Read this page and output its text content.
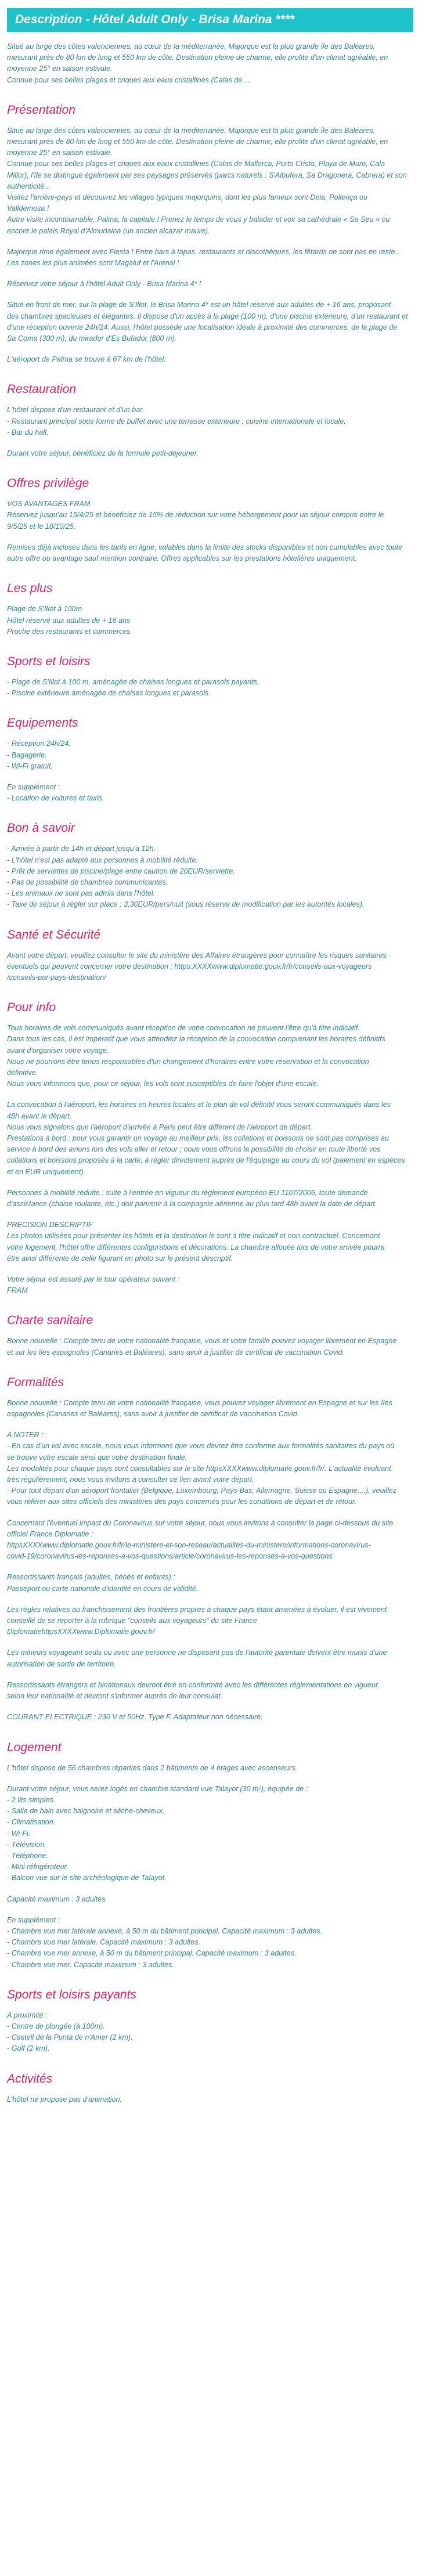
Description - Hôtel Adult Only - Brisa Marina ****

Situé au large des côtes valenciennes, au cœur de la méditerranée, Majorque est la plus grande île des Baléares,

mesurant près de 80 km de long et 550 km de côte. Destination pleine de charme, elle profite d'un climat agréable, en

moyenne 25° en saison estivale.

Connue pour ses belles plages et criques aux eaux cristallines (Calas de ...

Présentation

Situé au large des côtes valenciennes, au cœur de la méditerranée, Majorque est la plus grande île des Baléares,

mesurant près de 80 km de long et 550 km de côte. Destination pleine de charme, elle profite d'un climat agréable, en

moyenne 25° en saison estivale.

Connue pour ses belles plages et criques aux eaux cristallines (Calas de Mallorca, Porto Cristo, Playa de Muro, Cala

Millor), l'île se distingue également par ses paysages préservés (parcs naturels : S'Albufera, Sa Dragonera, Cabrera) et son

authenticité...

Visitez l'arrière-pays et découvrez les villages typiques majorquins, dont les plus fameux sont Deia, Pollença ou

Valldemosa !

Autre visite incontournable, Palma, la capitale ! Prenez le temps de vous y balader et voir sa cathédrale « Sa Seu » ou

encore le palais Royal d'Almudaina (un ancien alcazar maure).

Majorque rime également avec Fiesta ! Entre bars à tapas, restaurants et discothèques, les fêtards ne sont pas en reste...

Les zones les plus animées sont Magaluf et l'Arenal !

Réservez votre séjour à l'hôtel Adult Only - Brisa Marina 4* !

Situé en front de mer, sur la plage de S'Illot, le Brisa Marina 4* est un hôtel réservé aux adultes de + 16 ans, proposant

des chambres spacieuses et élégantes. Il dispose d'un accès à la plage (100 m), d'une piscine extérieure, d'un restaurant et

d'une réception ouverte 24h/24. Aussi, l'hôtel possède une localisation idéale à proximité des commerces, de la plage de

Sa Coma (300 m), du mirador d'Es Bufador (800 m).

L'aéroport de Palma se trouve à 67 km de l'hôtel.

Restauration

L'hôtel dispose d'un restaurant et d'un bar.

- Restaurant principal sous forme de buffet avec une terrasse extérieure : cuisine internationale et locale.

- Bar du hall.

Durant votre séjour, bénéficiez de la formule petit-déjeuner.

Offres privilège

VOS AVANTAGES FRAM

Réservez jusqu'au 15/4/25 et bénéficiez de 15% de réduction sur votre hébergement pour un séjour compris entre le

9/5/25 et le 18/10/25.

Remises déjà incluses dans les tarifs en ligne, valables dans la limite des stocks disponibles et non cumulables avec toute

autre offre ou avantage sauf mention contraire. Offres applicables sur les prestations hôtelières uniquement.

Les plus

Plage de S'Illot à 100m

Hôtel réservé aux adultes de + 16 ans

Proche des restaurants et commerces

Sports et loisirs

- Plage de S'Illot à 100 m, aménagée de chaises longues et parasols payants.

- Piscine extérieure aménagée de chaises longues et parasols.

Equipements

- Réception 24h/24.

- Bagagerie.

- Wi-Fi gratuit.

En supplément :

- Location de voitures et taxis.

Bon à savoir

- Arrivée à partir de 14h et départ jusqu'à 12h.

- L'hôtel n'est pas adapté aux personnes à mobilité réduite.

- Prêt de serviettes de piscine/plage entre caution de 20EUR/serviette.

- Pas de possibilité de chambres communicantes.

- Les animaux ne sont pas admis dans l'hôtel.

- Taxe de séjour à régler sur place : 3,30EUR/pers/nuit (sous réserve de modification par les autorités locales).

Santé et Sécurité

Avant votre départ, veuillez consulter le site du ministère des Affaires étrangères pour connaître les risques sanitaires

éventuels qui peuvent concerner votre destination : https:XXXXwww.diplomatie.gouv.fr/fr/conseils-aux-voyageurs

/conseils-par-pays-destination/

Pour info

Tous horaires de vols communiqués avant réception de votre convocation ne peuvent l'être qu'à titre indicatif.

Dans tous les cas, il est impératif que vous attendiez la réception de la convocation comprenant les horaires définitifs

avant d'organiser votre voyage.

Nous ne pourrons être tenus responsables d'un changement d'horaires entre votre réservation et la convocation

définitive.

Nous vous informons que, pour ce séjour, les vols sont susceptibles de faire l'objet d'une escale.

La convocation à l'aéroport, les horaires en heures locales et le plan de vol définitif vous seront communiqués dans les

48h avant le départ.

Nous vous signalons que l'aéroport d'arrivée à Paris peut être différent de l'aéroport de départ.

Prestations à bord : pour vous garantir un voyage au meilleur prix, les collations et boissons ne sont pas comprises au

service à bord des avions lors des vols aller et retour ; nous vous offrons la possibilité de choisir en toute liberté vos

collations et boissons proposés à la carte, à régler directement auprès de l'équipage au cours du vol (paiement en espèces

et en EUR uniquement).

Personnes à mobilité réduite : suite à l'entrée en vigueur du règlement européen EU 1107/2006, toute demande

d'assistance (chaise roulante, etc.) doit parvenir à la compagnie aérienne au plus tard 48h avant la date de départ.

PRECISION DESCRIPTIF

Les photos utilisées pour présenter les hôtels et la destination le sont à titre indicatif et non-contractuel. Concernant

votre logement, l'hôtel offre différentes configurations et décorations. La chambre allouée lors de votre arrivée pourra

être ainsi différente de celle figurant en photo sur le présent descriptif.

Votre séjour est assuré par le tour opérateur suivant :

FRAM

Charte sanitaire

Bonne nouvelle : Compte tenu de votre nationalité française, vous et votre famille pouvez voyager librement en Espagne

et sur les îles espagnoles (Canaries et Baléares), sans avoir à justifier de certificat de vaccination Covid.

Formalités

Bonne nouvelle : Compte tenu de votre nationalité française, vous pouvez voyager librement en Espagne et sur les îles

espagnoles (Canaries et Baléares), sans avoir à justifier de certificat de vaccination Covid.

A NOTER :

- En cas d'un vol avec escale, nous vous informons que vous devrez être conforme aux formalités sanitaires du pays où

se trouve votre escale ainsi que votre destination finale.

Les modalités pour chaque pays sont consultables sur le site httpsXXXXwww.diplomatie.gouv.fr/fr/. L'actualité évoluant

très régulièrement, nous vous invitons à consulter ce lien avant votre départ.

- Pour tout départ d'un aéroport frontalier (Belgique, Luxembourg, Pays-Bas, Allemagne, Suisse ou Espagne,...), veuillez

vous référer aux sites officiels des ministères des pays concernés pour les conditions de départ et de retour.

Concernant l'éventuel impact du Coronavirus sur votre séjour, nous vous invitons à consulter la page ci-dessous du site

officiel France Diplomatie :

httpsXXXXwww.diplomatie.gouv.fr/fr/le-ministere-et-son-reseau/actualites-du-ministere/informations-coronavirus-

covid-19/coronavirus-les-reponses-a-vos-questions/article/coronavirus-les-reponses-a-vos-questions

Ressortissants français (adultes, bébés et enfants) :

Passeport ou carte nationale d'identité en cours de validité.

Les règles relatives au franchissement des frontières propres à chaque pays étant amenées à évoluer, il est vivement

conseillé de se reporter à la rubrique "conseils aux voyageurs" du site France

DiplomatiehttpsXXXXwww.Diplomatie.gouv.fr/

Les mineurs voyageant seuls ou avec une personne ne disposant pas de l'autorité parentale doivent être munis d'une

autorisation de sortie de territoire.

Ressortissants étrangers et binationaux devront être en conformité avec les différentes réglementations en vigueur,

selon leur nationalité et devront s'informer auprès de leur consulat.

COURANT ELECTRIQUE : 230 V et 50Hz. Type F. Adaptateur non nécessaire.

Logement

L'hôtel dispose de 56 chambres réparties dans 2 bâtiments de 4 étages avec ascenseurs.

Durant votre séjour, vous serez logés en chambre standard vue Talayot (30 m²), équipée de :

- 2 lits simples.

- Salle de bain avec baignoire et sèche-cheveux.

- Climatisation.

- Wi-Fi.

- Télévision.

- Téléphone.

- Mini réfrigérateur.

- Balcon vue sur le site archéologique de Talayot.

Capacité maximum : 3 adultes.

En supplément :

- Chambre vue mer latérale annexe, à 50 m du bâtiment principal. Capacité maximum : 3 adultes.

- Chambre vue mer latérale. Capacité maximum : 3 adultes.

- Chambre vue mer annexe, à 50 m du bâtiment principal. Capacité maximum : 3 adultes.

- Chambre vue mer. Capacité maximum : 3 adultes.

Sports et loisirs payants

A proximité :

- Centre de plongée (à 100m).

- Castell de la Punta de n'Amer (2 km).

- Golf (2 km).

Activités

L'hôtel ne propose pas d'animation.
